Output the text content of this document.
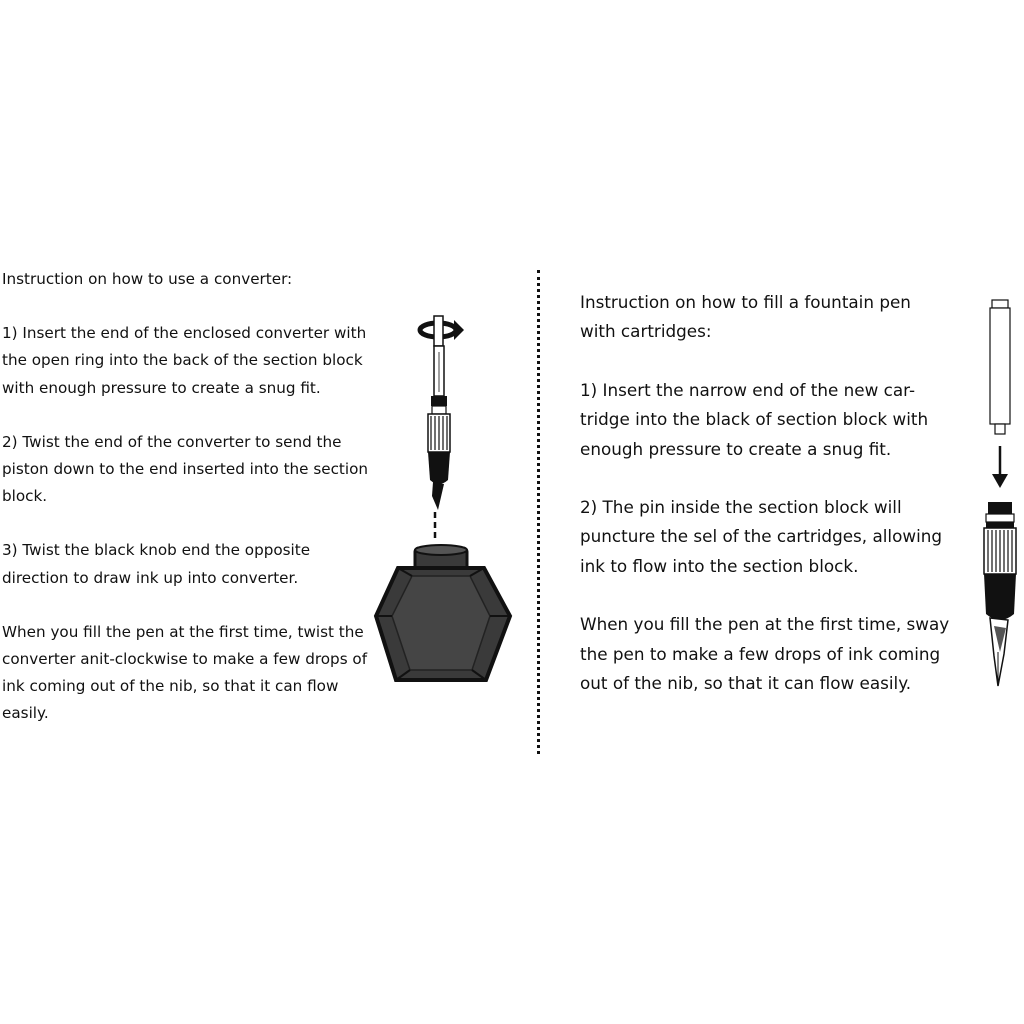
Instruction on how to use a converter:

1) Insert the end of the enclosed converter with
the open ring into the back of the section block
with enough pressure to create a snug fit.

2) Twist the end of the converter to send the
piston down to the end inserted into the section
block.

3) Twist the black knob end the opposite
direction to draw ink up into converter.

When you fill the pen at the first time, twist the
converter anit-clockwise to make a few drops of
ink coming out of the nib, so that it can flow
easily.

Instruction on how to fill a fountain pen
with cartridges:

1) Insert the narrow end of the new car-
tridge into the black of section block with
enough pressure to create a snug fit.

2) The pin inside the section block will
puncture the sel of the cartridges, allowing
ink to flow into the section block.

When you fill the pen at the first time, sway
the pen to make a few drops of ink coming
out of the nib, so that it can flow easily.
